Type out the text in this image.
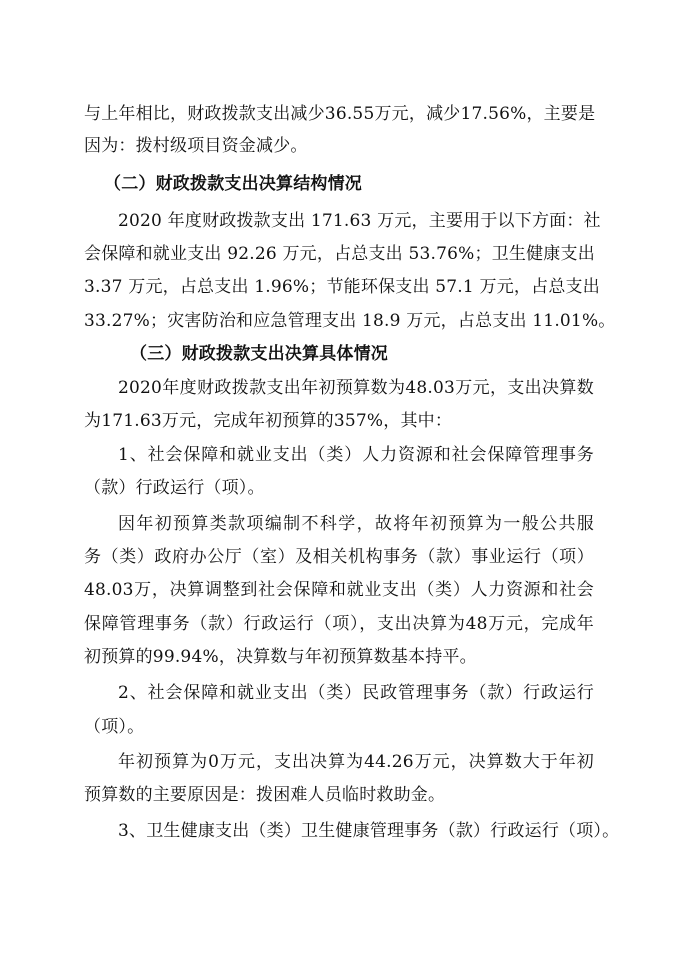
与上年相比，财政拨款支出减少36.55万元，减少17.56%，主要是
因为：拨村级项目资金减少。
（二）财政拨款支出决算结构情况
2020 年度财政拨款支出 171.63 万元，主要用于以下方面：社
会保障和就业支出 92.26 万元，占总支出 53.76%；卫生健康支出
3.37 万元，占总支出 1.96%；节能环保支出 57.1 万元，占总支出
33.27%；灾害防治和应急管理支出 18.9 万元，占总支出 11.01%。
（三）财政拨款支出决算具体情况
2020年度财政拨款支出年初预算数为48.03万元，支出决算数
为171.63万元，完成年初预算的357%，其中：
1、社会保障和就业支出（类）人力资源和社会保障管理事务
（款）行政运行（项）。
因年初预算类款项编制不科学，故将年初预算为一般公共服
务（类）政府办公厅（室）及相关机构事务（款）事业运行（项）
48.03万，决算调整到社会保障和就业支出（类）人力资源和社会
保障管理事务（款）行政运行（项），支出决算为48万元，完成年
初预算的99.94%，决算数与年初预算数基本持平。
2、社会保障和就业支出（类）民政管理事务（款）行政运行
（项）。
年初预算为0万元，支出决算为44.26万元，决算数大于年初
预算数的主要原因是：拨困难人员临时救助金。
3、卫生健康支出（类）卫生健康管理事务（款）行政运行（项）。
